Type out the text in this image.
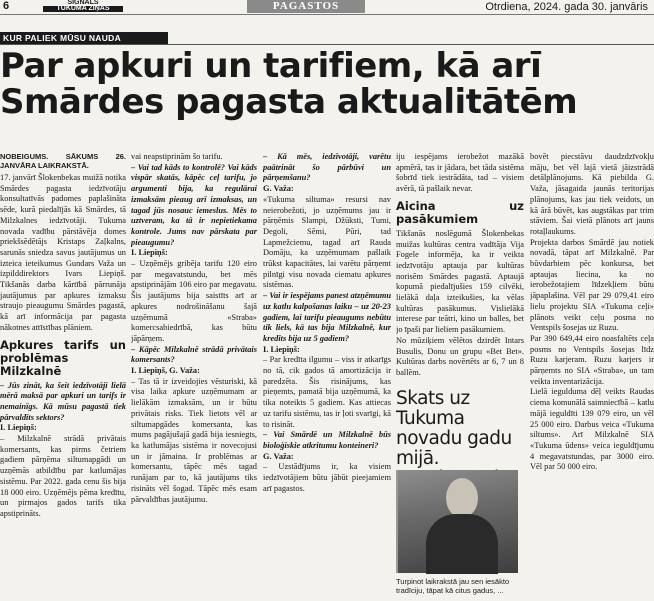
6	SIGNĀLS
TUKUMA ZIŅAS	PAGASTOS	Otrdiena, 2024. gada 30. janvāris
KUR PALIEK MŪSU NAUDA
Par apkuri un tarifiem, kā arī
Smārdes pagasta aktualitātēm
NOBEIGUMS. SĀKUMS 26. JANVĀRA LAIKRAKSTĀ.

17. janvārī Šlokenbekas muižā notika Smārdes pagasta iedzīvotāju konsultatīvās padomes paplašināta sēde, kurā piedalījās kā Smārdes, tā Milzkalnes iedzīvotāji. Tukuma novada vadību pārstāvēja domes priekšsēdētājs Kristaps Zaļkalns, sarunās sniedza savus jautājumus un izteica ieteikumus Gundars Važa un izpilddirektors Ivars Liepiņš. Tikšanās darba kārtībā pārrunāja jautājumus par apkures izmaksu straujo pieaugumu Smārdes pagastā, kā arī informācija par pagasta nākotnes attīstības plāniem.

Apkures tarifs un problēmas Milzkalnē

– Jūs zināt, ka šeit iedzīvotāji lielā mērā maksā par apkuri un tarifs ir nemainīgs. Kā mūsu pagastā tiek pārvaldīts sektors?

I. Liepiņš:

– Milzkalnē strādā privātais komersants, kas pirms četriem gadiem pārņēma siltumapgādi un uzņēmās atbildību par katlumājas sistēmu. Par 2022. gada cenu šis bija 18 000 eiro. Uzņēmējs pēma kredītu, un pirmajos gados tarifs tika apstiprināts.

vai neapstiprinām šo tarifu.

– Vai tad kāds to kontrolē? Vai kāds vispār skatās, kāpēc ceļ tarifu, jo argumenti bija, ka regulārai izmaksām pieaug arī izmaksas, un tagad jūs nosauc iemeslus. Mēs to uztveram, ka tā ir nepietiekama kontrole. Jums nav pārskata par pieaugumu?

I. Liepiņš:

– Uzņēmējs gribēja tarifu 120 eiro par megavatstundu, bet mēs apstiprinājām 106 eiro par megavatu. Šis jautājums bija saistīts arī ar apkures nodrošināšanu šajā uzņēmumā «Straba» komercsabiedrībā, kas būtu jāpārņem.

– Kāpēc Milzkalnē strādā privātais komersants?

I. Liepiņš, G. Važa:

– Tas tā ir izveidojies vēsturiski, kā visa laika apkure uzņēmumam ar lielākām izmaksām, un ir būtu privātais risks. Tiek lietots vēl ar siltumapgādes komersanta, kas mums pagājušajā gadā bija iesniegts, ka katlumājas sistēma ir novecojusi un ir jāmaina. Ir problēmas ar komersantu, tāpēc mēs tagad runājam par to, kā jautājums tiks risināts vēl šogad. Tāpēc mēs esam pārvaldības jautājumu.

– Kā mēs, iedzīvotāji, varētu paātrināt šo pārbūvi un pārņemšanu?

G. Važa:

«Tukuma siltuma» resursi nav neierobežoti, jo uzņēmums jau ir pārņēmis Slampi, Džūksti, Tumi, Degoli, Sēmi, Pūri, tad Lapmežciemu, tagad arī Rauda Domāju, ka uzņēmumam pašlaik trūkst kapacitātes, lai varētu pārņemt pilnīgi visu novada ciematu apkures sistēmas.

– Vai ir iespējams panest atzņēmumu uz katlu kalpošanas laiku – uz 20-23 gadiem, lai tarifu pieaugums nebūtu tik liels, kā tas bija Milzkalnē, kur kredīts bija uz 5 gadiem?

I. Liepiņš:

– Par kredīta ilgumu – viss ir atkarīgs no tā, cik gados tā amortizācija ir paredzēta. Šis risinājums, kas pieņemts, pamatā bija uzņēmumā, ka tika noteikts 5 gadiem. Kas attiecas uz tarifu sistēmu, tas ir ļoti svarīgi, kā to risināt.

– Vai Smārdē un Milzkalnē būs bioloģiskie atkritumu konteineri?

G. Važa:

– Uzstādījums ir, ka visiem iedzīvotājiem būtu jābūt pieejamiem arī pagastos.

iju iespējams ierobežot mazākā apmērā, tas ir jādara, bet tāda sistēma šobrīd tiek iestrādāta, tad – visiem avērā, tā pašlaik nevar.

Aicina uz pasākumiem

Tikšanās noslēgumā Šlokenbekas muižas kultūras centra vadītāja Vija Fogele informēja, ka ir veikta iedzīvotāju aptauja par kultūras norisēm Smārdes pagastā. Aptaujā kopumā piedalījušies 159 cilvēki, lielākā daļa izteikušies, ka vēlas kultūras pasākumus. Vislielākā interese par teātri, kino un balles, bet jo īpaši par lieliem pasākumiem.

No mūziķiem vēlētos dzirdēt Intars Busulis, Donu un grupu «Bet Bet». Kultūras darbs novērtēts ar 6, 7 un 8 ballēm.

Skats uz Tukuma novadu gadu mijā.
Turpinot laikrakstā jau sen iesākto tradīciju, tāpat kā citus gadus, ...

bovēt piecstāvu daudzdzīvokļu māju, bet vēl lajā vietā jāizstrādā detālplānojums. Kā piebilda G. Važa, jāsagaida jaunās teritorijas plānojums, kas jau tiek veidots, un kā ārā būvēt, kas augstākas par trim stāviem. Šai vietā plānots arī jauns rotaļlaukums.

Projekta darbos Smārdē jau notiek novadā, tāpat arī Milzkalnē. Par būvdarbiem pēc konkursa, bet aptaujas liecina, ka no ierobežotajiem līdzekļiem būtu jāpaplašina. Vēl par 29 079,41 eiro lielu projektu SIA «Tukuma ceļi» plānots veikt ceļu posma no Ventspils šosejas uz Ruzu.

Par 390 649,44 eiro noasfaltēts ceļa posms no Ventspils šosejas līdz Ruzu karjeram. Ruzu karjers ir pārņemts no SIA «Straba», un tam veikta inventarizācija.

Lielā iegulduma dēļ veikts Raudas ciema komunālā saimniecībā – katlu mājā ieguldīti 139 079 eiro, un vēl 25 000 eiro. Darbus veica «Tukuma siltums». Arī Milzkalnē SIA «Tukuma ūdens» veica ieguldījumu 4 megavatstundas, par 3000 eiro. Vēl par 50 000 eiro.
